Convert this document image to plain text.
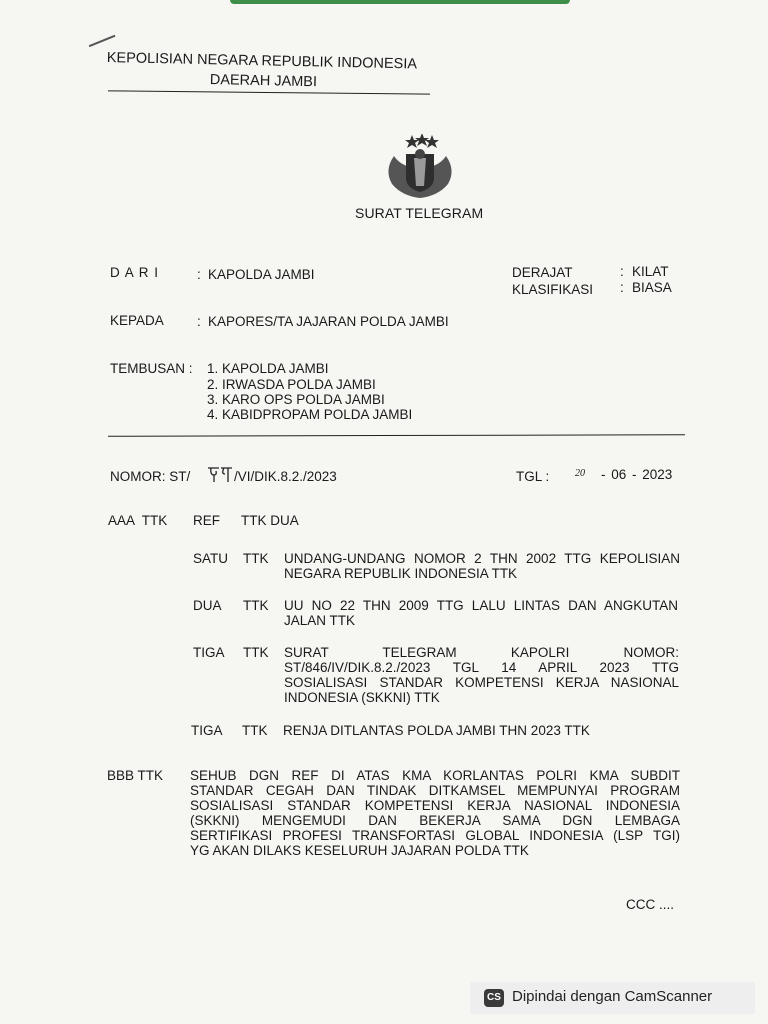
KEPOLISIAN NEGARA REPUBLIK INDONESIA
DAERAH JAMBI
SURAT TELEGRAM
D A R I	: KAPOLDA JAMBI	DERAJAT	: KILAT
KLASIFIKASI : BIASA
KEPADA : KAPORES/TA JAJARAN POLDA JAMBI
TEMBUSAN : 1. KAPOLDA JAMBI
2. IRWASDA POLDA JAMBI
3. KARO OPS POLDA JAMBI
4. KABIDPROPAM POLDA JAMBI
NOMOR: ST/	/VI/DIK.8.2./2023	TGL :	20 - 06 - 2023
AAA TTK REF TTK DUA
SATU TTK UNDANG-UNDANG NOMOR 2 THN 2002 TTG KEPOLISIAN
NEGARA REPUBLIK INDONESIA TTK
DUA TTK UU NO 22 THN 2009 TTG LALU LINTAS DAN ANGKUTAN
JALAN TTK
TIGA TTK SURAT TELEGRAM KAPOLRI NOMOR:
ST/846/IV/DIK.8.2./2023 TGL 14 APRIL 2023 TTG
SOSIALISASI STANDAR KOMPETENSI KERJA NASIONAL
INDONESIA (SKKNI) TTK
TIGA TTK RENJA DITLANTAS POLDA JAMBI THN 2023 TTK
BBB TTK SEHUB DGN REF DI ATAS KMA KORLANTAS POLRI KMA SUBDIT
STANDAR CEGAH DAN TINDAK DITKAMSEL MEMPUNYAI PROGRAM
SOSIALISASI STANDAR KOMPETENSI KERJA NASIONAL INDONESIA
(SKKNI) MENGEMUDI DAN BEKERJA SAMA DGN LEMBAGA
SERTIFIKASI PROFESI TRANSFORTASI GLOBAL INDONESIA (LSP TGI)
YG AKAN DILAKS KESELURUH JAJARAN POLDA TTK
CCC ....
CS Dipindai dengan CamScanner
